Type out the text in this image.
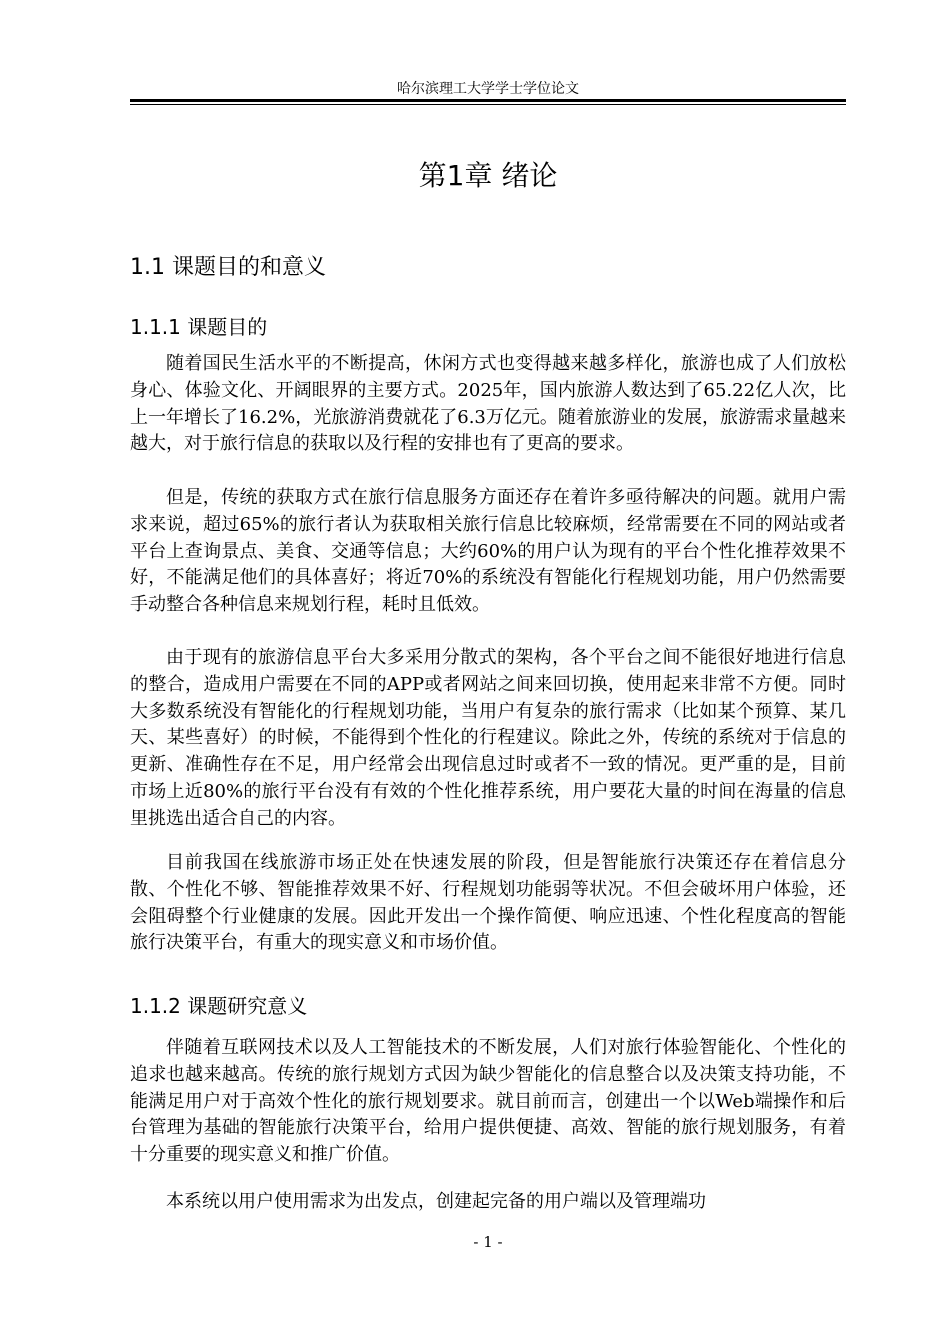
哈尔滨理工大学学士学位论文
第1章 绪论
1.1 课题目的和意义
1.1.1 课题目的

随着国民生活水平的不断提高，休闲方式也变得越来越多样化，旅游也成了人们放松身心、体验文化、开阔眼界的主要方式。2025年，国内旅游人数达到了65.22亿人次，比上一年增长了16.2%，光旅游消费就花了6.3万亿元。随着旅游业的发展，旅游需求量越来越大，对于旅行信息的获取以及行程的安排也有了更高的要求。

但是，传统的获取方式在旅行信息服务方面还存在着许多亟待解决的问题。就用户需求来说，超过65%的旅行者认为获取相关旅行信息比较麻烦，经常需要在不同的网站或者平台上查询景点、美食、交通等信息；大约60%的用户认为现有的平台个性化推荐效果不好，不能满足他们的具体喜好；将近70%的系统没有智能化行程规划功能，用户仍然需要手动整合各种信息来规划行程，耗时且低效。

由于现有的旅游信息平台大多采用分散式的架构，各个平台之间不能很好地进行信息的整合，造成用户需要在不同的APP或者网站之间来回切换，使用起来非常不方便。同时大多数系统没有智能化的行程规划功能，当用户有复杂的旅行需求（比如某个预算、某几天、某些喜好）的时候，不能得到个性化的行程建议。除此之外，传统的系统对于信息的更新、准确性存在不足，用户经常会出现信息过时或者不一致的情况。更严重的是，目前市场上近80%的旅行平台没有有效的个性化推荐系统，用户要花大量的时间在海量的信息里挑选出适合自己的内容。

目前我国在线旅游市场正处在快速发展的阶段，但是智能旅行决策还存在着信息分散、个性化不够、智能推荐效果不好、行程规划功能弱等状况。不但会破坏用户体验，还会阻碍整个行业健康的发展。因此开发出一个操作简便、响应迅速、个性化程度高的智能旅行决策平台，有重大的现实意义和市场价值。

1.1.2 课题研究意义

伴随着互联网技术以及人工智能技术的不断发展，人们对旅行体验智能化、个性化的追求也越来越高。传统的旅行规划方式因为缺少智能化的信息整合以及决策支持功能，不能满足用户对于高效个性化的旅行规划要求。就目前而言，创建出一个以Web端操作和后台管理为基础的智能旅行决策平台，给用户提供便捷、高效、智能的旅行规划服务，有着十分重要的现实意义和推广价值。

本系统以用户使用需求为出发点，创建起完备的用户端以及管理端功

- 1 -
